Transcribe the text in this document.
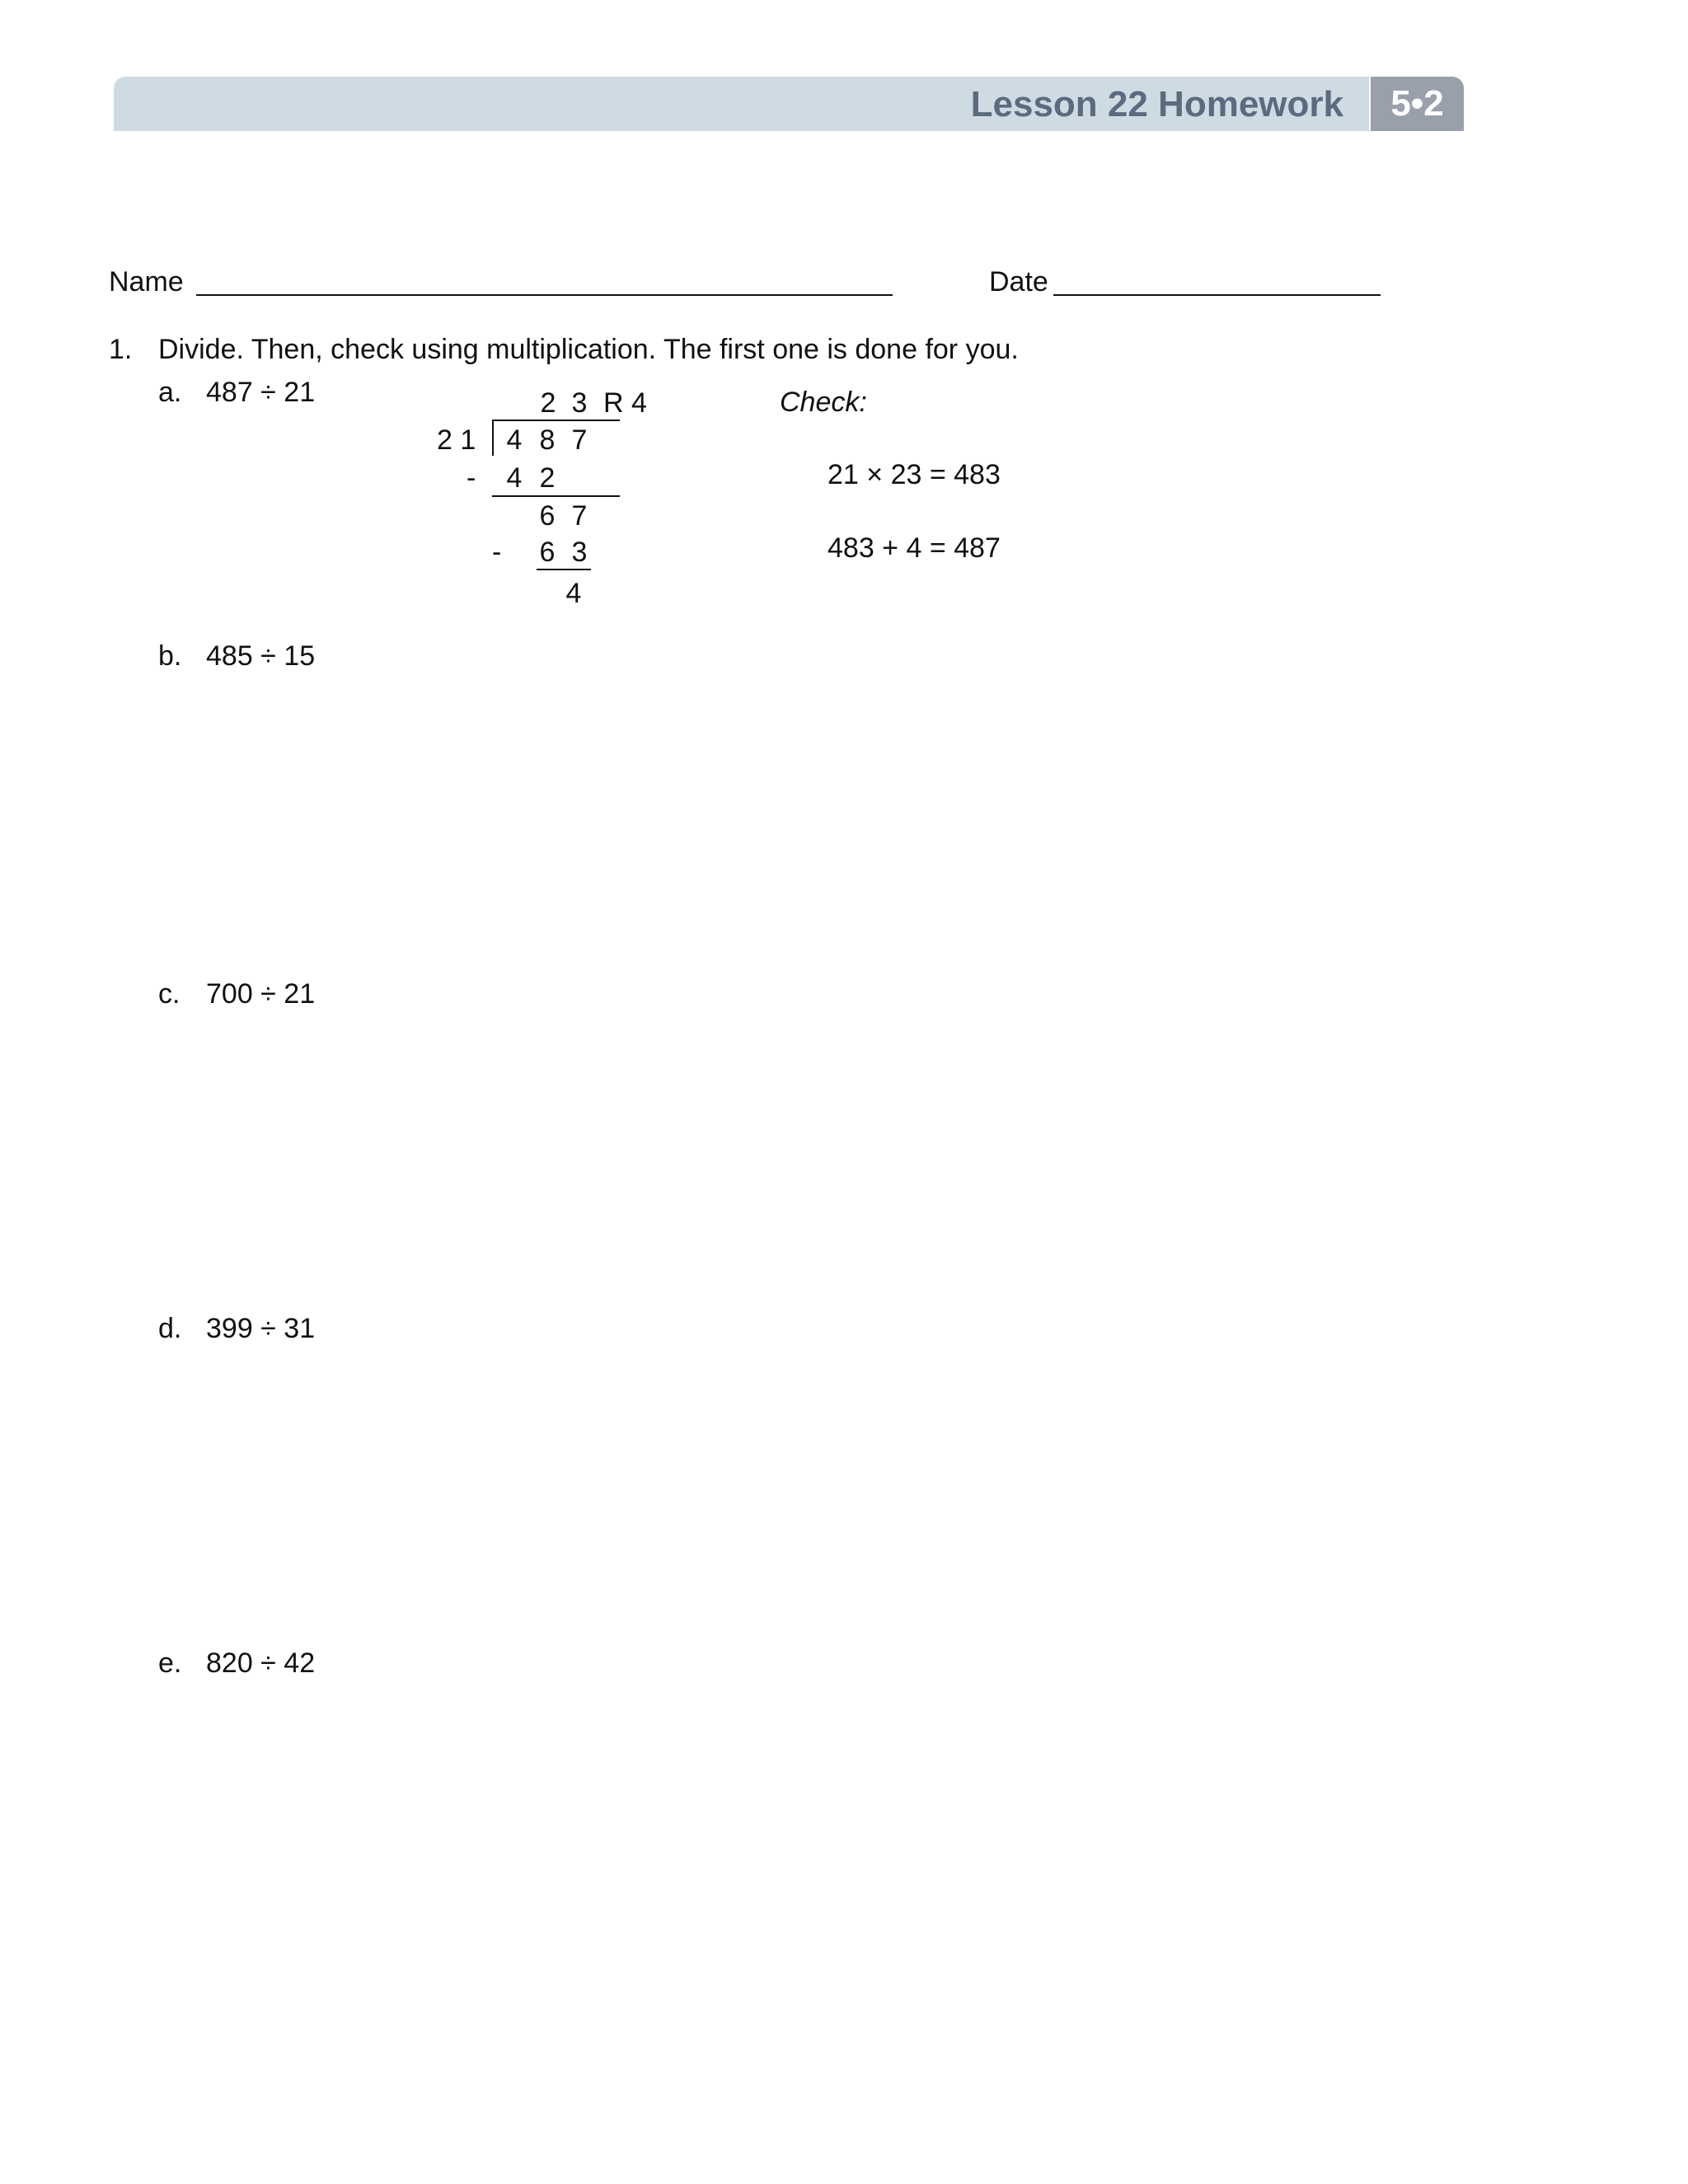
Lesson 22 Homework	5•2
Name	Date
1. Divide. Then, check using multiplication. The first one is done for you.
a. 487 ÷ 21	2 3 R 4
2 1 4 8 7
- 4 2
6 7
- 6 3
4
Check:
21 × 23 = 483
483 + 4 = 487
b. 485 ÷ 15
c. 700 ÷ 21
d. 399 ÷ 31
e. 820 ÷ 42
